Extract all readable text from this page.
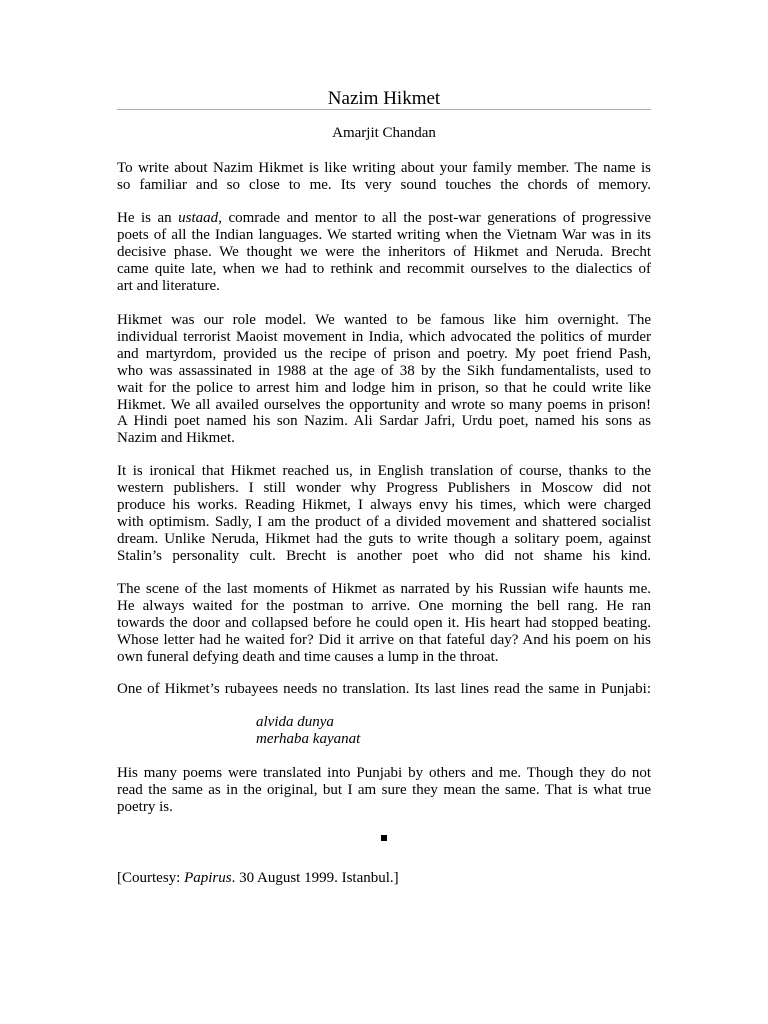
Nazim Hikmet

Amarjit Chandan

To write about Nazim Hikmet is like writing about your family member. The name is
so familiar and so close to me. Its very sound touches the chords of memory.

He is an ustaad, comrade and mentor to all the post-war generations of progressive
poets of all the Indian languages. We started writing when the Vietnam War was in its
decisive phase. We thought we were the inheritors of Hikmet and Neruda. Brecht
came quite late, when we had to rethink and recommit ourselves to the dialectics of
art and literature.

Hikmet was our role model. We wanted to be famous like him overnight. The
individual terrorist Maoist movement in India, which advocated the politics of murder
and martyrdom, provided us the recipe of prison and poetry. My poet friend Pash,
who was assassinated in 1988 at the age of 38 by the Sikh fundamentalists, used to
wait for the police to arrest him and lodge him in prison, so that he could write like
Hikmet. We all availed ourselves the opportunity and wrote so many poems in prison!
A Hindi poet named his son Nazim. Ali Sardar Jafri, Urdu poet, named his sons as
Nazim and Hikmet.

It is ironical that Hikmet reached us, in English translation of course, thanks to the
western publishers. I still wonder why Progress Publishers in Moscow did not
produce his works. Reading Hikmet, I always envy his times, which were charged
with optimism. Sadly, I am the product of a divided movement and shattered socialist
dream. Unlike Neruda, Hikmet had the guts to write though a solitary poem, against
Stalin’s personality cult. Brecht is another poet who did not shame his kind.

The scene of the last moments of Hikmet as narrated by his Russian wife haunts me.
He always waited for the postman to arrive. One morning the bell rang. He ran
towards the door and collapsed before he could open it. His heart had stopped beating.
Whose letter had he waited for? Did it arrive on that fateful day? And his poem on his
own funeral defying death and time causes a lump in the throat.

One of Hikmet’s rubayees needs no translation. Its last lines read the same in Punjabi:

alvida dunya
merhaba kayanat

His many poems were translated into Punjabi by others and me. Though they do not
read the same as in the original, but I am sure they mean the same. That is what true
poetry is.

[Courtesy: Papirus. 30 August 1999. Istanbul.]
